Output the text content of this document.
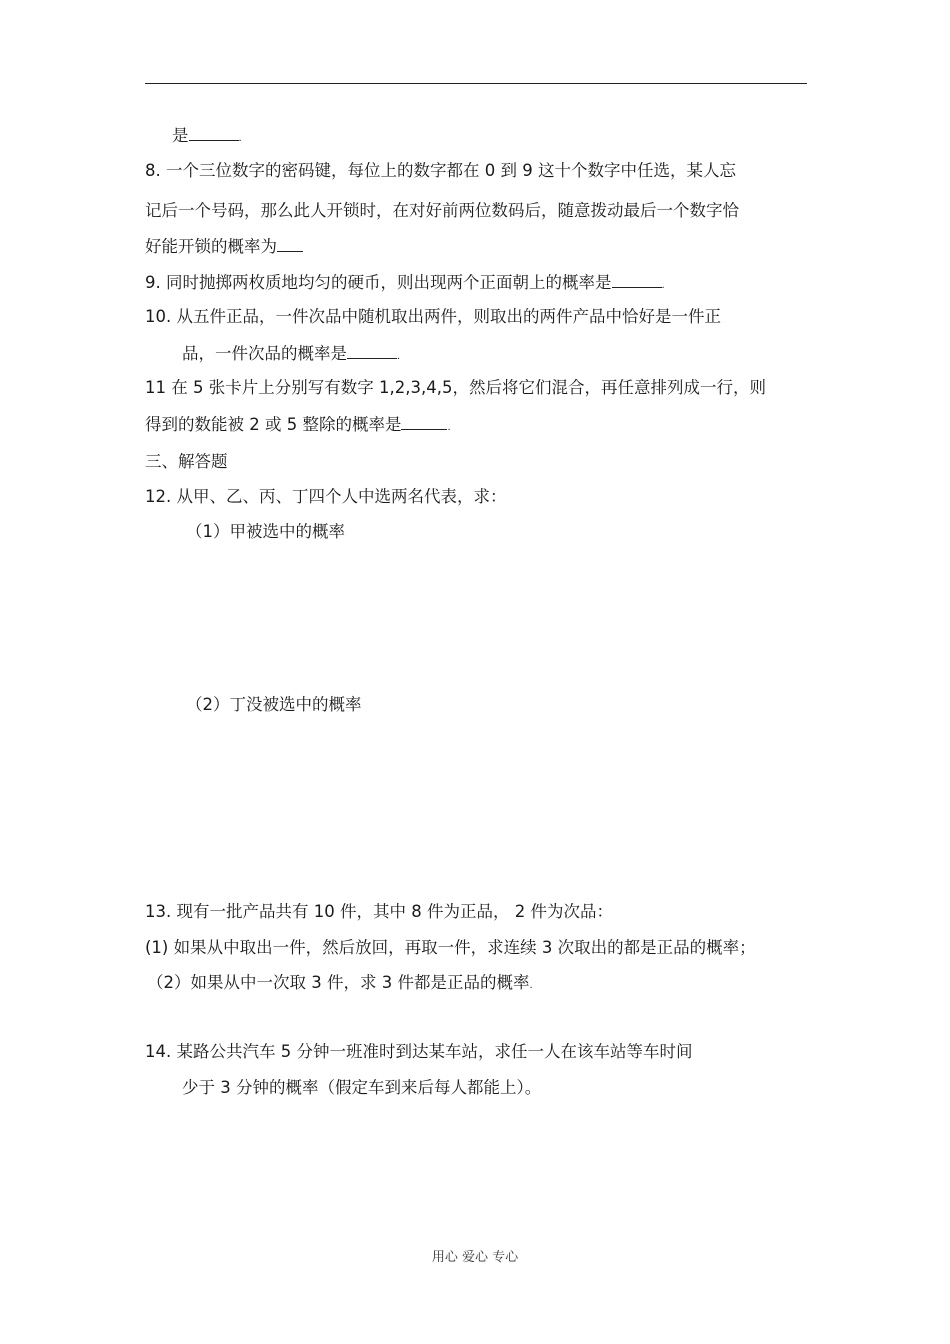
是	.
8. 一个三位数字的密码键，每位上的数字都在 0 到 9 这十个数字中任选，某人忘
记后一个号码，那么此人开锁时，在对好前两位数码后，随意拨动最后一个数字恰
好能开锁的概率为
9. 同时抛掷两枚质地均匀的硬币，则出现两个正面朝上的概率是	.
10. 从五件正品，一件次品中随机取出两件，则取出的两件产品中恰好是一件正
品，一件次品的概率是	.
11 在 5 张卡片上分别写有数字 1,2,3,4,5，然后将它们混合，再任意排列成一行，则
得到的数能被 2 或 5 整除的概率是	.
三、解答题
12. 从甲、乙、丙、丁四个人中选两名代表，求：
（1）甲被选中的概率
（2）丁没被选中的概率
13. 现有一批产品共有 10 件，其中 8 件为正品， 2 件为次品：
(1) 如果从中取出一件，然后放回，再取一件，求连续 3 次取出的都是正品的概率；
（2）如果从中一次取 3 件，求 3 件都是正品的概率.
14. 某路公共汽车 5 分钟一班准时到达某车站，求任一人在该车站等车时间
少于 3 分钟的概率（假定车到来后每人都能上）。
用心 爱心 专心
